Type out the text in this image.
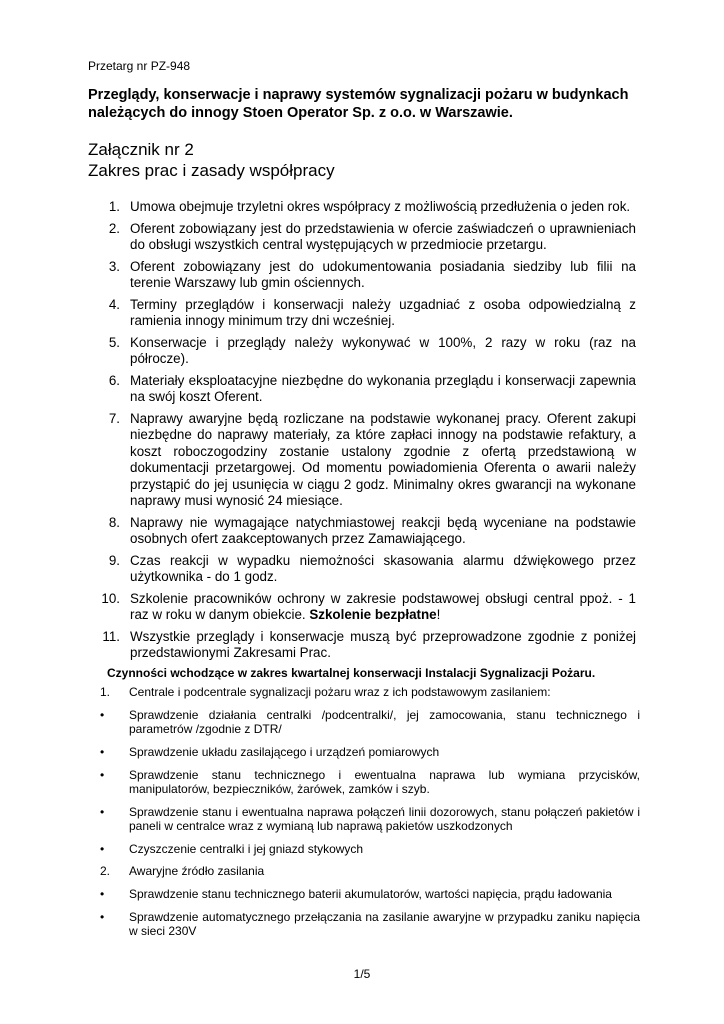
Przetarg nr PZ-948
Przeglądy, konserwacje i naprawy systemów sygnalizacji pożaru w budynkach należących do innogy Stoen Operator Sp. z o.o. w Warszawie.
Załącznik nr 2
Zakres prac i zasady współpracy
1. Umowa obejmuje trzyletni okres współpracy z możliwością przedłużenia o jeden rok.
2. Oferent zobowiązany jest do przedstawienia w ofercie zaświadczeń o uprawnieniach do obsługi wszystkich central występujących w przedmiocie przetargu.
3. Oferent zobowiązany jest do udokumentowania posiadania siedziby lub filii na terenie Warszawy lub gmin ościennych.
4. Terminy przeglądów i konserwacji należy uzgadniać z osoba odpowiedzialną z ramienia innogy minimum trzy dni wcześniej.
5. Konserwacje i przeglądy należy wykonywać w 100%, 2 razy w roku (raz na półrocze).
6. Materiały eksploatacyjne niezbędne do wykonania przeglądu i konserwacji zapewnia na swój koszt Oferent.
7. Naprawy awaryjne będą rozliczane na podstawie wykonanej pracy. Oferent zakupi niezbędne do naprawy materiały, za które zapłaci innogy na podstawie refaktury, a koszt roboczogodziny zostanie ustalony zgodnie z ofertą przedstawioną w dokumentacji przetargowej. Od momentu powiadomienia Oferenta o awarii należy przystąpić do jej usunięcia w ciągu 2 godz. Minimalny okres gwarancji na wykonane naprawy musi wynosić 24 miesiące.
8. Naprawy nie wymagające natychmiastowej reakcji będą wyceniane na podstawie osobnych ofert zaakceptowanych przez Zamawiającego.
9. Czas reakcji w wypadku niemożności skasowania alarmu dźwiękowego przez użytkownika - do 1 godz.
10. Szkolenie pracowników ochrony w zakresie podstawowej obsługi central ppoż. - 1 raz w roku w danym obiekcie. Szkolenie bezpłatne!
11. Wszystkie przeglądy i konserwacje muszą być przeprowadzone zgodnie z poniżej przedstawionymi Zakresami Prac.
Czynności wchodzące w zakres kwartalnej konserwacji Instalacji Sygnalizacji Pożaru.
1.	Centrale i podcentrale sygnalizacji pożaru wraz z ich podstawowym zasilaniem:
•	Sprawdzenie działania centralki /podcentralki/, jej zamocowania, stanu technicznego i parametrów /zgodnie z DTR/
•	Sprawdzenie układu zasilającego i urządzeń pomiarowych
•	Sprawdzenie stanu technicznego i ewentualna naprawa lub wymiana przycisków, manipulatorów, bezpieczników, żarówek, zamków i szyb.
•	Sprawdzenie stanu i ewentualna naprawa połączeń linii dozorowych, stanu połączeń pakietów i paneli w centralce wraz z wymianą lub naprawą pakietów uszkodzonych
•	Czyszczenie centralki i jej gniazd stykowych
2.	Awaryjne źródło zasilania
•	Sprawdzenie stanu technicznego baterii akumulatorów, wartości napięcia, prądu ładowania
•	Sprawdzenie automatycznego przełączania na zasilanie awaryjne w przypadku zaniku napięcia w sieci 230V
1/5
